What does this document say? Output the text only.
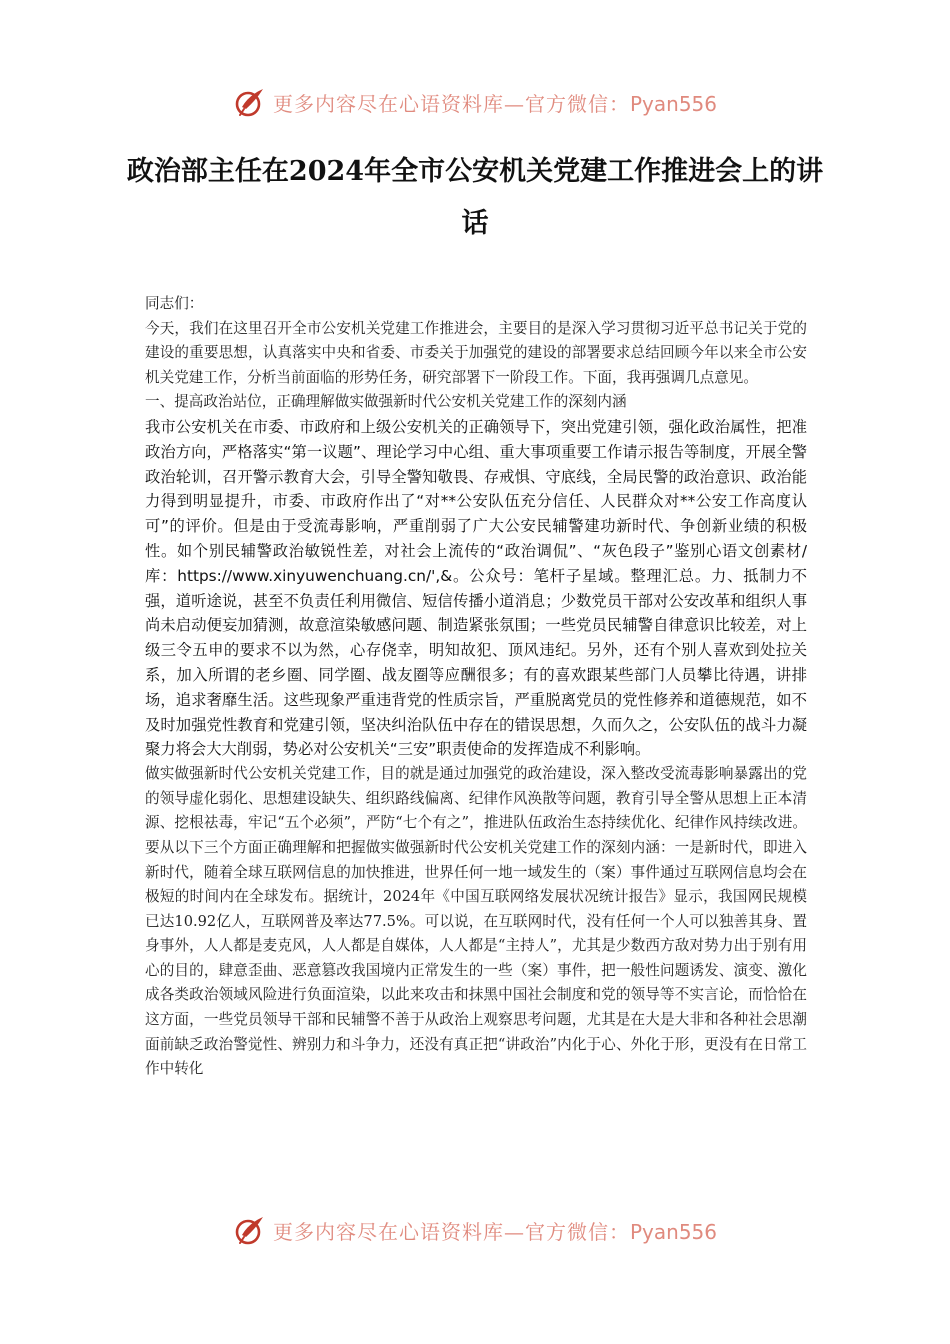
更多内容尽在心语资料库—官方微信：Pyan556
政治部主任在2024年全市公安机关党建工作推进会上的讲话

同志们：

今天，我们在这里召开全市公安机关党建工作推进会，主要目的是深入学习贯彻习近平总书记关于党的建设的重要思想，认真落实中央和省委、市委关于加强党的建设的部署要求总结回顾今年以来全市公安机关党建工作，分析当前面临的形势任务，研究部署下一阶段工作。下面，我再强调几点意见。

一、提高政治站位，正确理解做实做强新时代公安机关党建工作的深刻内涵

我市公安机关在市委、市政府和上级公安机关的正确领导下，突出党建引领，强化政治属性，把准政治方向，严格落实“第一议题”、理论学习中心组、重大事项重要工作请示报告等制度，开展全警政治轮训，召开警示教育大会，引导全警知敬畏、存戒惧、守底线，全局民警的政治意识、政治能力得到明显提升，市委、市政府作出了“对**公安队伍充分信任、人民群众对**公安工作高度认可”的评价。但是由于受流毒影响，严重削弱了广大公安民辅警建功新时代、争创新业绩的积极性。如个别民辅警政治敏锐性差，对社会上流传的“政治调侃”、“灰色段子”鉴别心语文创素材/库：https://www.xinyuwenchuang.cn/',&。公众号：笔杆子星域。整理汇总。力、抵制力不强，道听途说，甚至不负责任利用微信、短信传播小道消息；少数党员干部对公安改革和组织人事尚未启动便妄加猜测，故意渲染敏感问题、制造紧张氛围；一些党员民辅警自律意识比较差，对上级三令五申的要求不以为然，心存侥幸，明知故犯、顶风违纪。另外，还有个别人喜欢到处拉关系，加入所谓的老乡圈、同学圈、战友圈等应酬很多；有的喜欢跟某些部门人员攀比待遇，讲排场，追求奢靡生活。这些现象严重违背党的性质宗旨，严重脱离党员的党性修养和道德规范，如不及时加强党性教育和党建引领，坚决纠治队伍中存在的错误思想，久而久之，公安队伍的战斗力凝聚力将会大大削弱，势必对公安机关“三安”职责使命的发挥造成不利影响。

做实做强新时代公安机关党建工作，目的就是通过加强党的政治建设，深入整改受流毒影响暴露出的党的领导虚化弱化、思想建设缺失、组织路线偏离、纪律作风涣散等问题，教育引导全警从思想上正本清源、挖根祛毒，牢记“五个必须”，严防“七个有之”，推进队伍政治生态持续优化、纪律作风持续改进。要从以下三个方面正确理解和把握做实做强新时代公安机关党建工作的深刻内涵：一是新时代，即进入新时代，随着全球互联网信息的加快推进，世界任何一地一域发生的（案）事件通过互联网信息均会在极短的时间内在全球发布。据统计，2024年《中国互联网络发展状况统计报告》显示，我国网民规模已达10.92亿人，互联网普及率达77.5%。可以说，在互联网时代，没有任何一个人可以独善其身、置身事外，人人都是麦克风，人人都是自媒体，人人都是“主持人”，尤其是少数西方敌对势力出于别有用心的目的，肆意歪曲、恶意篡改我国境内正常发生的一些（案）事件，把一般性问题诱发、演变、激化成各类政治领域风险进行负面渲染，以此来攻击和抹黑中国社会制度和党的领导等不实言论，而恰恰在这方面，一些党员领导干部和民辅警不善于从政治上观察思考问题，尤其是在大是大非和各种社会思潮面前缺乏政治警觉性、辨别力和斗争力，还没有真正把“讲政治”内化于心、外化于形，更没有在日常工作中转化

更多内容尽在心语资料库—官方微信：Pyan556
